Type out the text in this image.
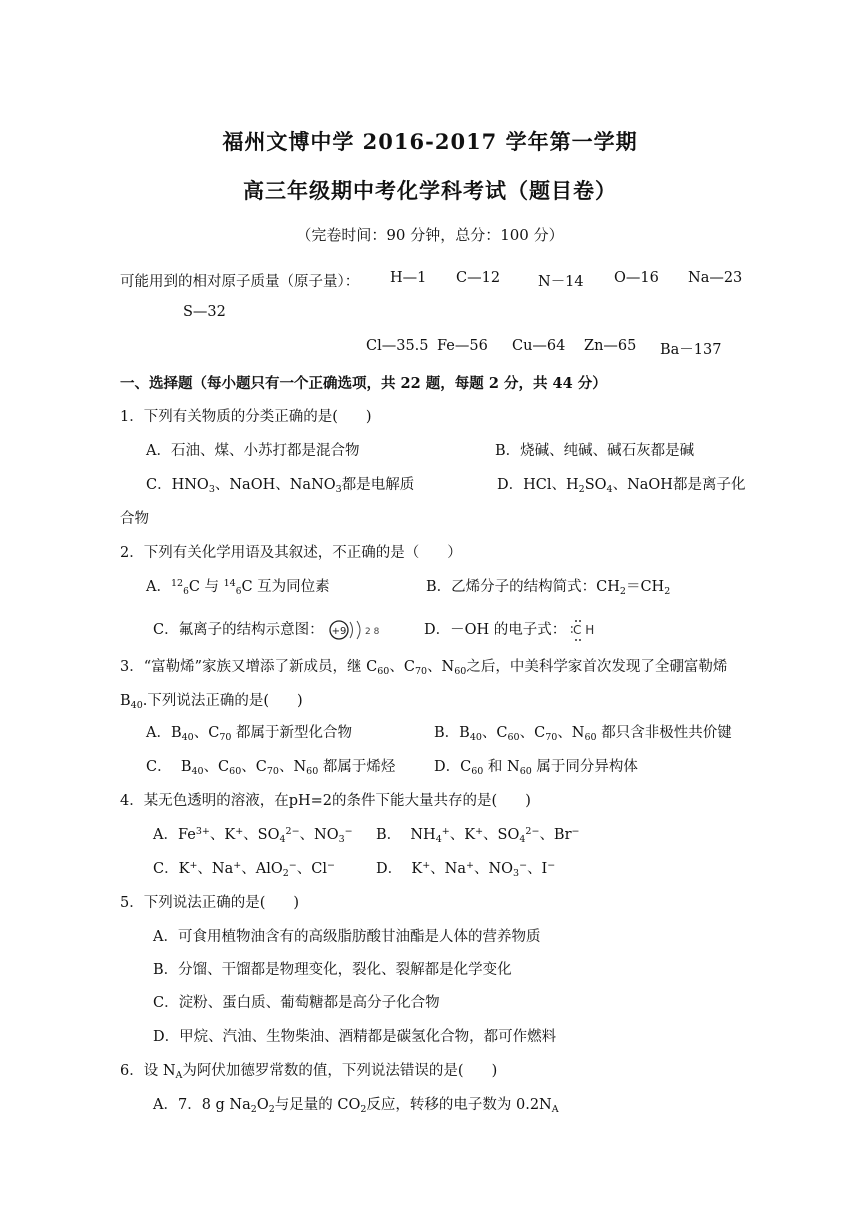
福州文博中学 2016-2017 学年第一学期
高三年级期中考化学科考试（题目卷）
（完卷时间：90 分钟，总分：100 分）
可能用到的相对原子质量（原子量）： H—1 C—12	N－14 O—16 Na—23
S—32
Cl—35.5 Fe—56 Cu—64 Zn—65 Ba－137
一、选择题（每小题只有一个正确选项，共 22 题，每题 2 分，共 44 分）
1．下列有关物质的分类正确的是( )
A．石油、煤、小苏打都是混合物	B．烧碱、纯碱、碱石灰都是碱
C．$HNO_3$、NaOH、NaNO$_3$都是电解质	D．HCl、$H_2SO_4$、NaOH都是离子化
合物
2．下列有关化学用语及其叙述，不正确的是（ ）
A．$^{12}_6$C 与 $^{14}_6$C 互为同位素	B．乙烯分子的结构简式：$CH_2=CH_2$
C．氟离子的结构示意图： +9 2 8	D．－OH 的电子式： C H
3．“富勒烯”家族又增添了新成员，继 $C_{60}$、$C_{70}$、$N_{60}$之后，中美科学家首次发现了全硼富勒烯
$B_{40}$.下列说法正确的是( )
A．$B_{40}$、$C_{70}$ 都属于新型化合物	B．$B_{40}$、$C_{60}$、$C_{70}$、$N_{60}$ 都只含非极性共价键
C．  $B_{40}$、$C_{60}$、$C_{70}$、$N_{60}$ 都属于烯烃	D．$C_{60}$ 和 $N_{60}$ 属于同分异构体
4．某无色透明的溶液，在pH=2的条件下能大量共存的是( )
A．$Fe^{3+}$、K+、$SO_4^{2-}$、$NO_3^-$ B．  $NH_4^+$、K+、$SO_4^{2-}$、Br−
C．K+、Na+、AlO$_2$−、Cl−	D．  K+、Na+、$NO_3^-$、I−
5．下列说法正确的是( )
A．可食用植物油含有的高级脂肪酸甘油酯是人体的营养物质
B．分馏、干馏都是物理变化，裂化、裂解都是化学变化
C．淀粉、蛋白质、葡萄糖都是高分子化合物
D．甲烷、汽油、生物柴油、酒精都是碳氢化合物，都可作燃料
6．设 $N_A$为阿伏加德罗常数的值，下列说法错误的是( )
A．7．8 g $Na_2O_2$与足量的 $CO_2$反应，转移的电子数为 $0.2N_A$
